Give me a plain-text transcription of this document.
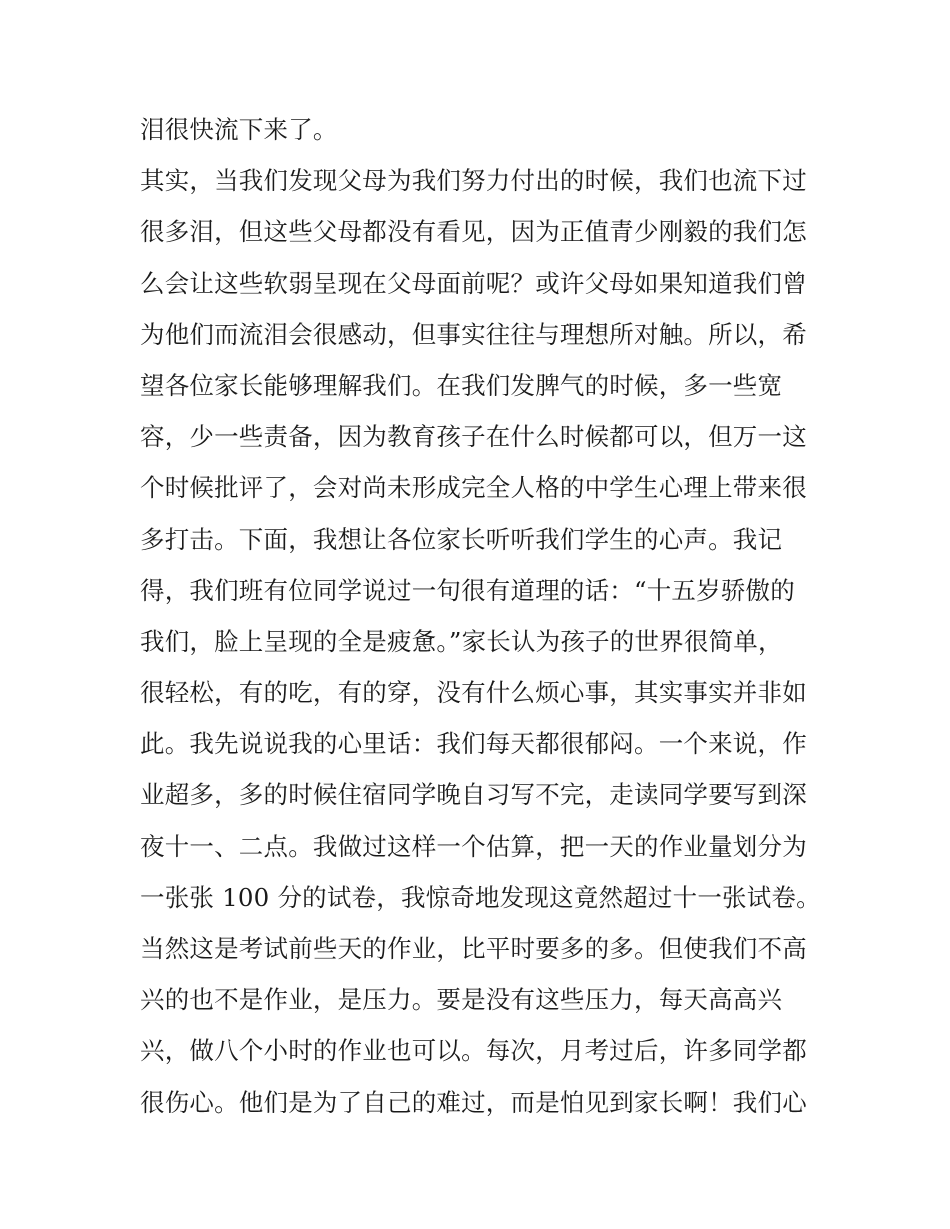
泪很快流下来了。
其实，当我们发现父母为我们努力付出的时候，我们也流下过
很多泪，但这些父母都没有看见，因为正值青少刚毅的我们怎
么会让这些软弱呈现在父母面前呢？或许父母如果知道我们曾
为他们而流泪会很感动，但事实往往与理想所对触。所以，希
望各位家长能够理解我们。在我们发脾气的时候，多一些宽
容，少一些责备，因为教育孩子在什么时候都可以，但万一这
个时候批评了，会对尚未形成完全人格的中学生心理上带来很
多打击。下面，我想让各位家长听听我们学生的心声。我记
得，我们班有位同学说过一句很有道理的话：“十五岁骄傲的
我们，脸上呈现的全是疲惫。”家长认为孩子的世界很简单，
很轻松，有的吃，有的穿，没有什么烦心事，其实事实并非如
此。我先说说我的心里话：我们每天都很郁闷。一个来说，作
业超多，多的时候住宿同学晚自习写不完，走读同学要写到深
夜十一、二点。我做过这样一个估算，把一天的作业量划分为
一张张 100 分的试卷，我惊奇地发现这竟然超过十一张试卷。
当然这是考试前些天的作业，比平时要多的多。但使我们不高
兴的也不是作业，是压力。要是没有这些压力，每天高高兴
兴，做八个小时的作业也可以。每次，月考过后，许多同学都
很伤心。他们是为了自己的难过，而是怕见到家长啊！我们心
